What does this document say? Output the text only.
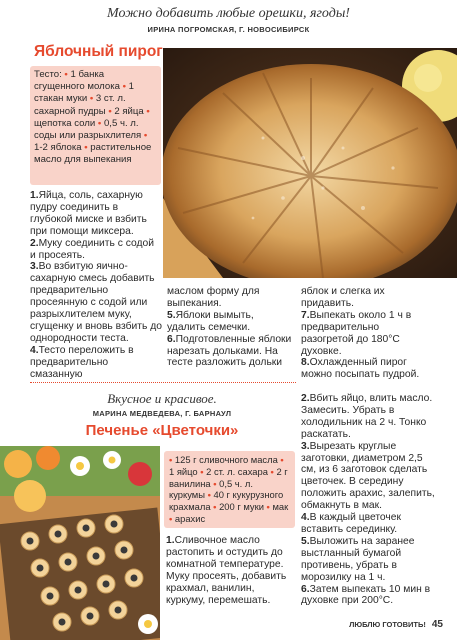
Можно добавить любые орешки, ягоды!
ИРИНА ПОГРОМСКАЯ, Г. НОВОСИБИРСК
Яблочный пирог
Тесто: • 1 банка сгущенного молока • 1 стакан муки • 3 ст. л. сахарной пудры • 2 яйца • щепотка соли • 0,5 ч. л. соды или разрыхлителя • 1-2 яблока • растительное масло для выпекания

1.Яйца, соль, сахарную пудру соединить в глубокой миске и взбить при помощи миксера.

2.Муку соединить с содой и просеять.

3.Во взбитую яично-сахарную смесь добавить предварительно просеянную с содой или разрыхлителем муку, сгущенку и вновь взбить до однородности теста.

4.Тесто переложить в предварительно смазанную

маслом форму для выпекания.

5.Яблоки вымыть, удалить семечки.

6.Подготовленные яблоки нарезать дольками. На тесте разложить дольки

яблок и слегка их придавить.

7.Выпекать около 1 ч в предварительно разогретой до 180°C духовке.

8.Охлажденный пирог можно посыпать пудрой.

Вкусное и красивое.
МАРИНА МЕДВЕДЕВА, Г. БАРНАУЛ
Печенье «Цветочки»
• 125 г сливочного масла • 1 яйцо • 2 ст. л. сахара • 2 г ванилина • 0,5 ч. л. куркумы • 40 г кукурузного крахмала • 200 г муки • мак • арахис

1.Сливочное масло растопить и остудить до комнатной температуре. Муку просеять, добавить крахмал, ванилин, куркуму, перемешать.

2.Вбить яйцо, влить масло. Замесить. Убрать в холодильник на 2 ч. Тонко раскатать.

3.Вырезать круглые заготовки, диаметром 2,5 см, из 6 заготовок сделать цветочек. В середину положить арахис, залепить, обмакнуть в мак.

4.В каждый цветочек вставить серединку.

5.Выложить на заранее выстланный бумагой противень, убрать в морозилку на 1 ч.

6.Затем выпекать 10 мин в духовке при 200°C.

ЛЮБЛЮ ГОТОВИТЬ! 45
